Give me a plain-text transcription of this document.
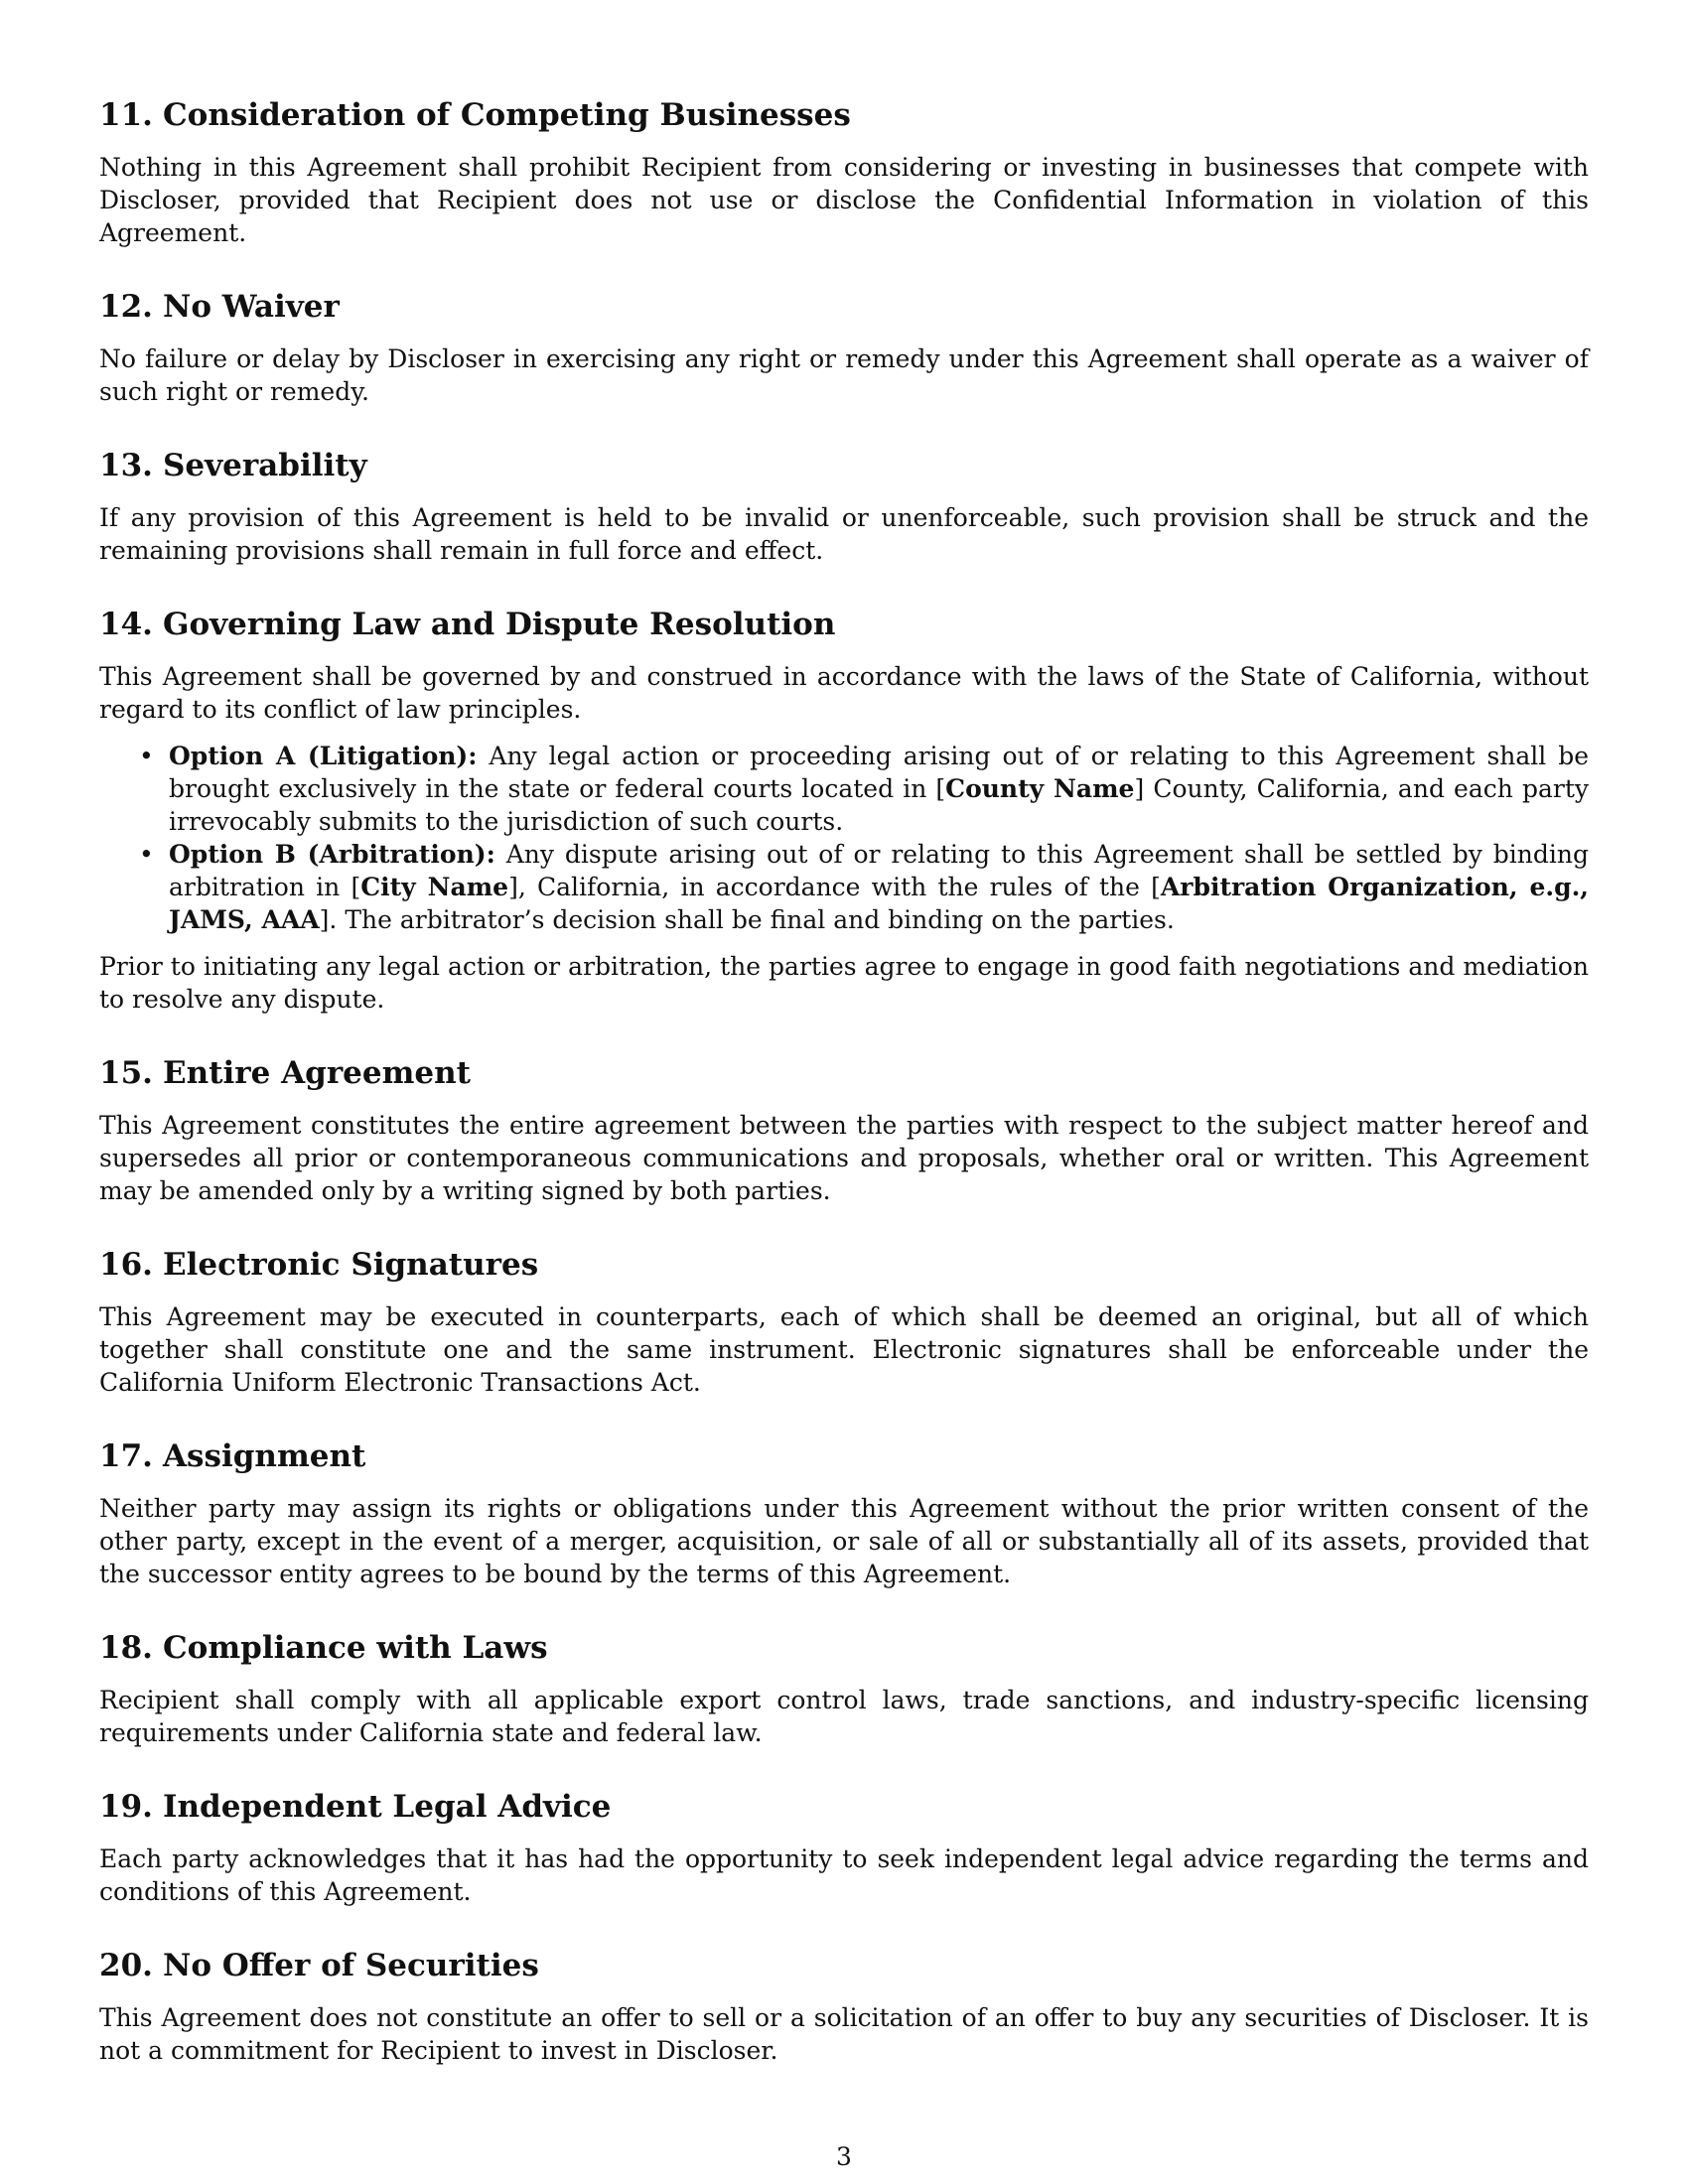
11. Consideration of Competing Businesses

Nothing in this Agreement shall prohibit Recipient from considering or investing in businesses that compete with Discloser, provided that Recipient does not use or disclose the Confidential Information in violation of this Agreement.

12. No Waiver

No failure or delay by Discloser in exercising any right or remedy under this Agreement shall operate as a waiver of such right or remedy.

13. Severability

If any provision of this Agreement is held to be invalid or unenforceable, such provision shall be struck and the remaining provisions shall remain in full force and effect.

14. Governing Law and Dispute Resolution

This Agreement shall be governed by and construed in accordance with the laws of the State of California, without regard to its conflict of law principles.

• Option A (Litigation): Any legal action or proceeding arising out of or relating to this Agreement shall be brought exclusively in the state or federal courts located in [County Name] County, California, and each party irrevocably submits to the jurisdiction of such courts.
• Option B (Arbitration): Any dispute arising out of or relating to this Agreement shall be settled by binding arbitration in [City Name], California, in accordance with the rules of the [Arbitration Organization, e.g., JAMS, AAA]. The arbitrator’s decision shall be final and binding on the parties.

Prior to initiating any legal action or arbitration, the parties agree to engage in good faith negotiations and mediation to resolve any dispute.

15. Entire Agreement

This Agreement constitutes the entire agreement between the parties with respect to the subject matter hereof and supersedes all prior or contemporaneous communications and proposals, whether oral or written. This Agreement may be amended only by a writing signed by both parties.

16. Electronic Signatures

This Agreement may be executed in counterparts, each of which shall be deemed an original, but all of which together shall constitute one and the same instrument. Electronic signatures shall be enforceable under the California Uniform Electronic Transactions Act.

17. Assignment

Neither party may assign its rights or obligations under this Agreement without the prior written consent of the other party, except in the event of a merger, acquisition, or sale of all or substantially all of its assets, provided that the successor entity agrees to be bound by the terms of this Agreement.

18. Compliance with Laws

Recipient shall comply with all applicable export control laws, trade sanctions, and industry-specific licensing requirements under California state and federal law.

19. Independent Legal Advice

Each party acknowledges that it has had the opportunity to seek independent legal advice regarding the terms and conditions of this Agreement.

20. No Offer of Securities

This Agreement does not constitute an offer to sell or a solicitation of an offer to buy any securities of Discloser. It is not a commitment for Recipient to invest in Discloser.

3
